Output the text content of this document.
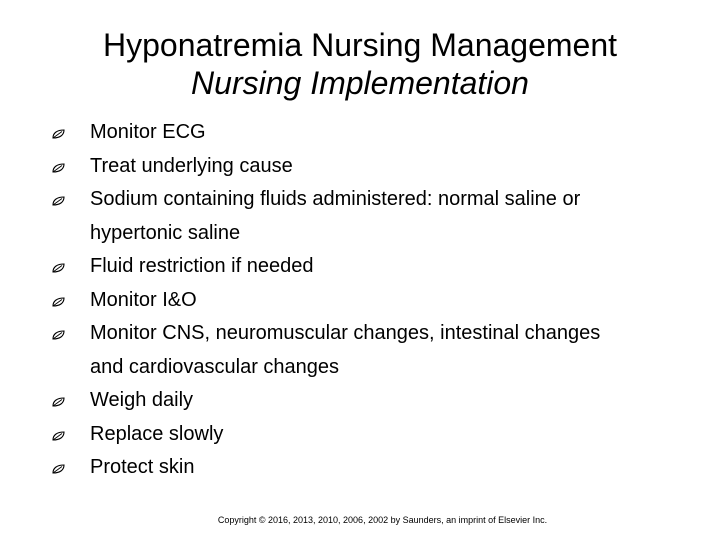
Hyponatremia Nursing Management
Nursing Implementation
Monitor ECG
Treat underlying cause
Sodium containing fluids administered: normal saline or
hypertonic saline
Fluid restriction if needed
Monitor I&O
Monitor CNS, neuromuscular changes, intestinal changes
and cardiovascular changes
Weigh daily
Replace slowly
Protect skin
Copyright © 2016, 2013, 2010, 2006, 2002 by Saunders, an imprint of Elsevier Inc.
